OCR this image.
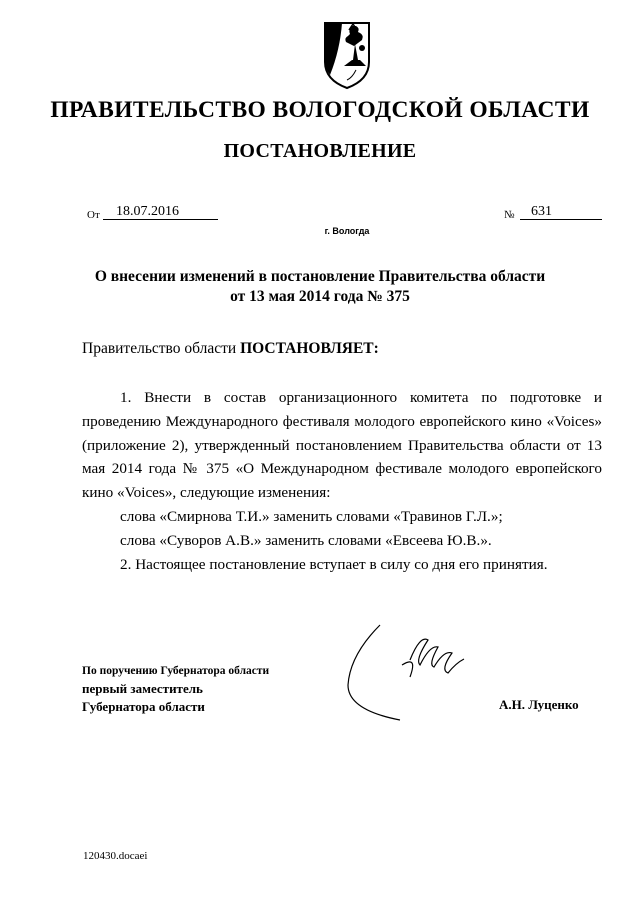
ПРАВИТЕЛЬСТВО ВОЛОГОДСКОЙ ОБЛАСТИ
ПОСТАНОВЛЕНИЕ
От 18.07.2016	№ 631
г. Вологда
О внесении изменений в постановление Правительства области
от 13 мая 2014 года № 375
Правительство области ПОСТАНОВЛЯЕТ:

1. Внести в состав организационного комитета по подготовке и проведению Международного фестиваля молодого европейского кино «Voices» (приложение 2), утвержденный постановлением Правительства области от 13 мая 2014 года № 375 «О Международном фестивале молодого европейского кино «Voices», следующие изменения:

слова «Смирнова Т.И.» заменить словами «Травинов Г.Л.»;

слова «Суворов А.В.» заменить словами «Евсеева Ю.В.».

2. Настоящее постановление вступает в силу со дня его принятия.

По поручению Губернатора области
первый заместитель
Губернатора области	А.Н. Луценко
120430.docaei
